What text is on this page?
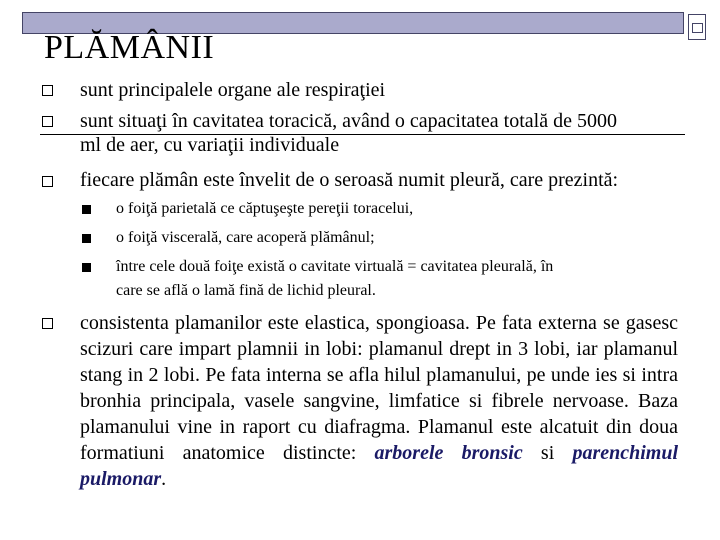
PLĂMÂNII

sunt principalele organe ale respiraţiei

sunt situaţi în cavitatea toracică, având o capacitatea totală de 5000

ml de aer, cu variaţii individuale

fiecare plămân este învelit de o seroasă numit pleură, care prezintă:

o foiţă parietală ce căptuşeşte pereţii toracelui,

o foiţă viscerală, care acoperă plămânul;

între cele două foiţe există o cavitate virtuală = cavitatea pleurală, în

care se află o lamă fină de lichid pleural.

consistenta plamanilor este elastica, spongioasa. Pe fata externa se gasesc scizuri care impart plamnii in lobi: plamanul drept in 3 lobi, iar plamanul stang in 2 lobi. Pe fata interna se afla hilul plamanului, pe unde ies si intra bronhia principala, vasele sangvine, limfatice si fibrele nervoase. Baza plamanului vine in raport cu diafragma. Plamanul este alcatuit din doua formatiuni anatomice distincte: arborele bronsic si parenchimul pulmonar.
